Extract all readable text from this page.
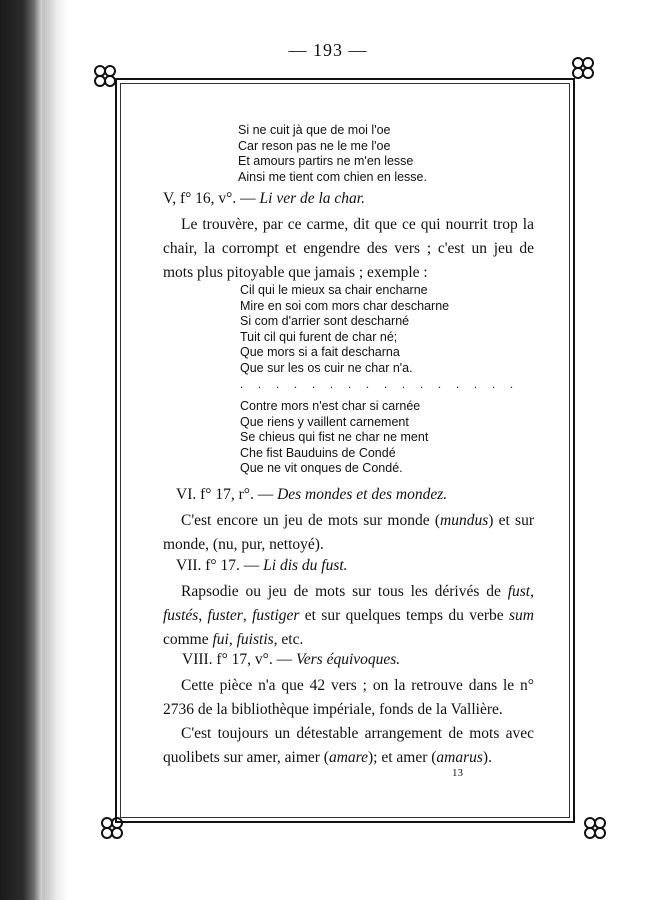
— 193 —
Si ne cuit jà que de moi l'oe
Car reson pas ne le me l'oe
Et amours partirs ne m'en lesse
Ainsi me tient com chien en lesse.
V, f° 16, v°. — Li ver de la char.
Le trouvère, par ce carme, dit que ce qui nourrit trop la chair, la corrompt et engendre des vers ; c'est un jeu de mots plus pitoyable que jamais ; exemple :
Cil qui le mieux sa chair encharne
Mire en soi com mors char descharne
Si com d'arrier sont descharné
Tuit cil qui furent de char né;
Que mors si a fait descharna
Que sur les os cuir ne char n'a.
. . . . . . . . . . . . . . . .
Contre mors n'est char si carnée
Que riens y vaillent carnement
Se chieus qui fist ne char ne ment
Che fist Bauduins de Condé
Que ne vit onques de Condé.
VI. f° 17, r°. — Des mondes et des mondez.
C'est encore un jeu de mots sur monde (mundus) et sur monde, (nu, pur, nettoyé).
VII. f° 17. — Li dis du fust.
Rapsodie ou jeu de mots sur tous les dérivés de fust, fustés, fuster, fustiger et sur quelques temps du verbe sum comme fui, fuistis, etc.
VIII. f° 17, v°. — Vers équivoques.
Cette pièce n'a que 42 vers ; on la retrouve dans le n° 2736 de la bibliothèque impériale, fonds de la Vallière.
C'est toujours un détestable arrangement de mots avec quolibets sur amer, aimer (amare); et amer (amarus).
13
